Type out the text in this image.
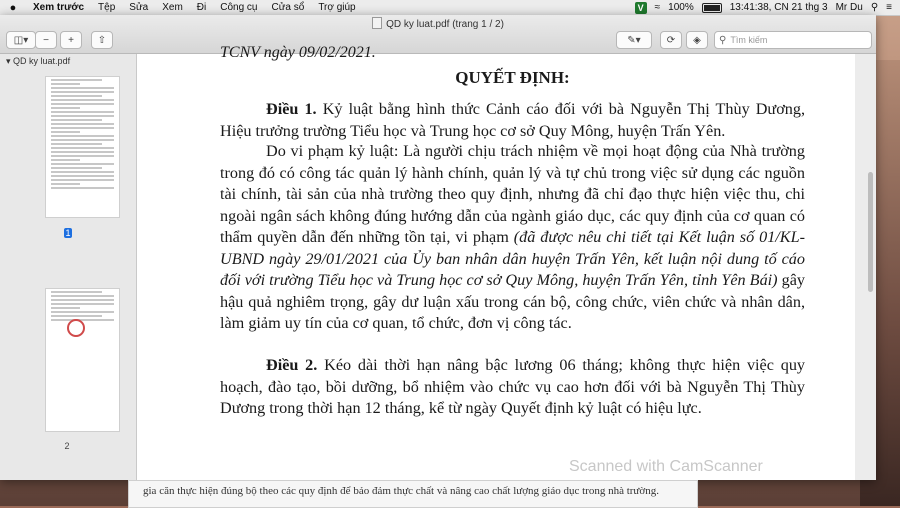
●	Xem trước	Tệp	Sửa	Xem	Đi	Công cụ	Cửa sổ	Trợ giúp	V	≈ 100%	13:41:38, CN 21 thg 3 Mr Du ⚲ ≡
QD ky luat.pdf (trang 1 / 2)
◫▾	−	+	⇧	✎▾	⟳	◈	⚲ Tìm kiếm
▾ QD ky luat.pdf
1
2
TCNV ngày 09/02/2021.
QUYẾT ĐỊNH:
Điều 1. Kỷ luật bằng hình thức Cảnh cáo đối với bà Nguyễn Thị Thùy Dương, Hiệu trưởng trường Tiểu học và Trung học cơ sở Quy Mông, huyện Trấn Yên.
Do vi phạm kỷ luật: Là người chịu trách nhiệm về mọi hoạt động của Nhà trường trong đó có công tác quản lý hành chính, quản lý và tự chủ trong việc sử dụng các nguồn tài chính, tài sản của nhà trường theo quy định, nhưng đã chỉ đạo thực hiện việc thu, chi ngoài ngân sách không đúng hướng dẫn của ngành giáo dục, các quy định của cơ quan có thẩm quyền dẫn đến những tồn tại, vi phạm (đã được nêu chi tiết tại Kết luận số 01/KL-UBND ngày 29/01/2021 của Ủy ban nhân dân huyện Trấn Yên, kết luận nội dung tố cáo đối với trường Tiểu học và Trung học cơ sở Quy Mông, huyện Trấn Yên, tỉnh Yên Bái) gây hậu quả nghiêm trọng, gây dư luận xấu trong cán bộ, công chức, viên chức và nhân dân, làm giảm uy tín của cơ quan, tổ chức, đơn vị công tác.
Điều 2. Kéo dài thời hạn nâng bậc lương 06 tháng; không thực hiện việc quy hoạch, đào tạo, bồi dưỡng, bổ nhiệm vào chức vụ cao hơn đối với bà Nguyễn Thị Thùy Dương trong thời hạn 12 tháng, kể từ ngày Quyết định kỷ luật có hiệu lực.
Scanned with CamScanner
gia căn thực hiện đúng bộ theo các quy định để bảo đảm thực chất và nâng cao chất lượng giáo dục trong nhà trường.
